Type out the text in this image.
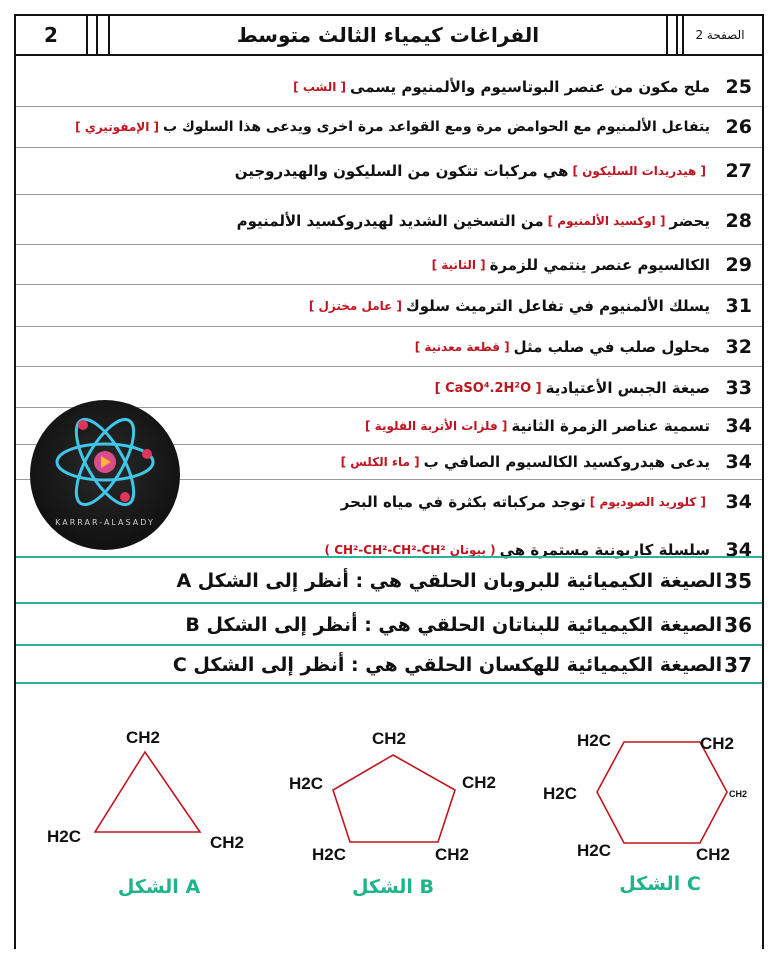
2	الفراغات كيمياء الثالث متوسط	الصفحة 2
25
ملح مكون من عنصر البوتاسيوم والألمنيوم يسمى
[ الشب ]
26
يتفاعل الألمنيوم مع الحوامض مرة ومع القواعد مرة اخرى ويدعى هذا السلوك ب
[ الإمفوتيري ]
27
[ هيدريدات السليكون ]
هي مركبات تتكون من السليكون والهيدروجين
28
يحضر
[ اوكسيد الألمنيوم ]
من التسخين الشديد لهيدروكسيد الألمنيوم
29
الكالسيوم عنصر ينتمي للزمرة
[ الثانية ]
31
يسلك الألمنيوم في تفاعل الترميث سلوك
[ عامل مختزل ]
32
محلول صلب في صلب مثل
[ قطعة معدنية ]
33
صيغة الجبس الأعتيادية
[ CaSO⁴.2H²O ]
34
تسمية عناصر الزمرة الثانية
[ فلزات الأتربة القلوية ]
34
يدعى هيدروكسيد الكالسيوم الصافي ب
[ ماء الكلس ]
34
[ كلوريد الصوديوم ]
توجد مركباته بكثرة في مياه البحر
34
سلسلة كاربونية مستمرة هي
( بيوتان CH²-CH²-CH²-CH² )
35
الصيغة الكيميائية للبروبان الحلقي هي : أنظر إلى الشكل A
36
الصيغة الكيميائية للبناتان الحلقي هي : أنظر إلى الشكل B
37
الصيغة الكيميائية للهكسان الحلقي هي : أنظر إلى الشكل C
KARRAR-ALASADY
CH2
H2C	CH2
الشكل A
CH2
H2C	CH2
H2C	CH2
الشكل B
H2C	CH2
H2C	CH2
H2C	CH2
الشكل C
